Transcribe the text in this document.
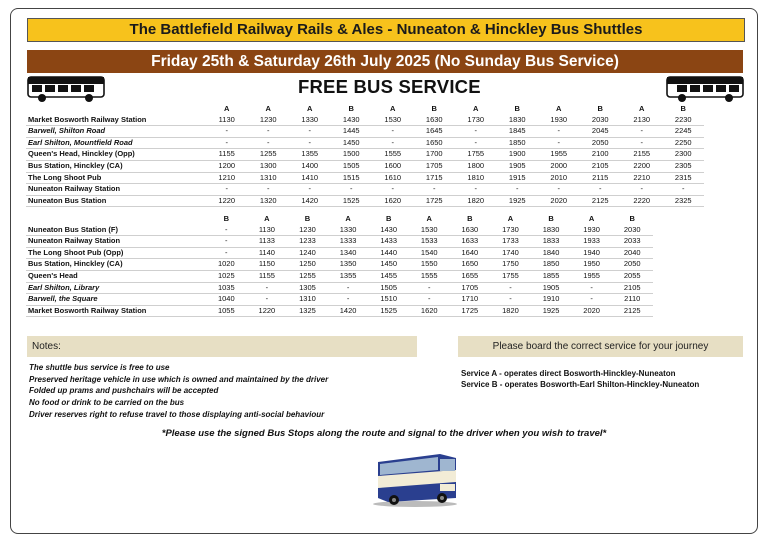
The Battlefield Railway Rails & Ales - Nuneaton & Hinckley Bus Shuttles
Friday 25th & Saturday 26th July 2025 (No Sunday Bus Service)
FREE BUS SERVICE
	A	A	A	B	A	B	A	B	A	B	A	B
Market Bosworth Railway Station	1130	1230	1330	1430	1530	1630	1730	1830	1930	2030	2130	2230
Barwell, Shilton Road	-	-	-	1445	-	1645	-	1845	-	2045	-	2245
Earl Shilton, Mountfield Road	-	-	-	1450	-	1650	-	1850	-	2050	-	2250
Queen's Head, Hinckley (Opp)	1155	1255	1355	1500	1555	1700	1755	1900	1955	2100	2155	2300
Bus Station, Hinckley (CA)	1200	1300	1400	1505	1600	1705	1800	1905	2000	2105	2200	2305
The Long Shoot Pub	1210	1310	1410	1515	1610	1715	1810	1915	2010	2115	2210	2315
Nuneaton Railway Station	-	-	-	-	-	-	-	-	-	-	-	-
Nuneaton Bus Station	1220	1320	1420	1525	1620	1725	1820	1925	2020	2125	2220	2325
	B	A	B	A	B	A	B	A	B	A	B
Nuneaton Bus Station (F)	-	1130	1230	1330	1430	1530	1630	1730	1830	1930	2030
Nuneaton Railway Station	-	1133	1233	1333	1433	1533	1633	1733	1833	1933	2033
The Long Shoot Pub (Opp)	-	1140	1240	1340	1440	1540	1640	1740	1840	1940	2040
Bus Station, Hinckley (CA)	1020	1150	1250	1350	1450	1550	1650	1750	1850	1950	2050
Queen's Head	1025	1155	1255	1355	1455	1555	1655	1755	1855	1955	2055
Earl Shilton, Library	1035	-	1305	-	1505	-	1705	-	1905	-	2105
Barwell, the Square	1040	-	1310	-	1510	-	1710	-	1910	-	2110
Market Bosworth Railway Station	1055	1220	1325	1420	1525	1620	1725	1820	1925	2020	2125
Notes:	Please board the correct service for your journey
The shuttle bus service is free to use
Preserved heritage vehicle in use which is owned and maintained by the driver
Folded up prams and pushchairs will be accepted
No food or drink to be carried on the bus
Driver reserves right to refuse travel to those displaying anti-social behaviour
Service A - operates direct Bosworth-Hinckley-Nuneaton
Service B - operates Bosworth-Earl Shilton-Hinckley-Nuneaton
*Please use the signed Bus Stops along the route and signal to the driver when you wish to travel*
